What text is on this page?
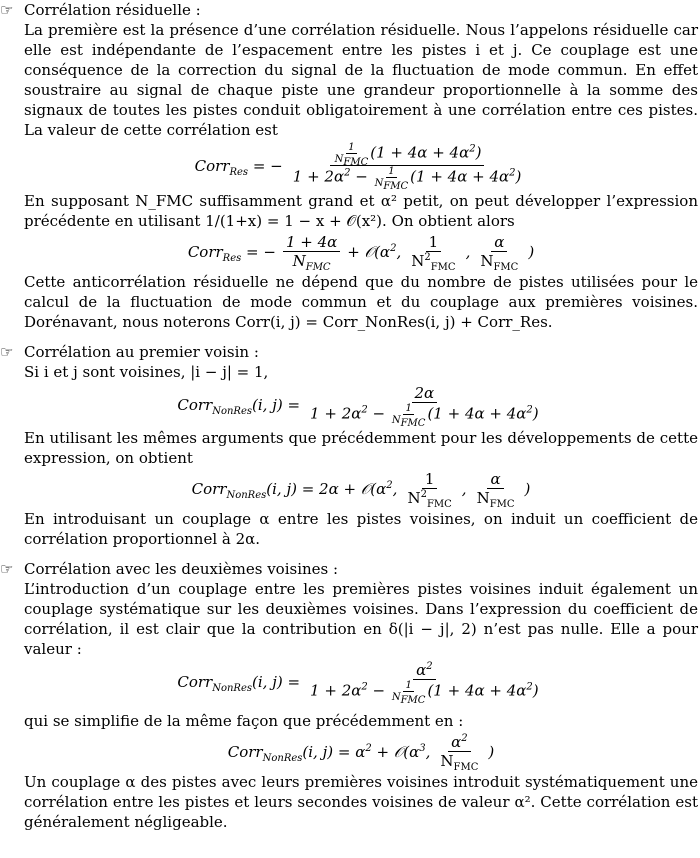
☞ Corrélation résiduelle :

La première est la présence d’une corrélation résiduelle. Nous l’appelons résiduelle car elle est indépendante de l’espacement entre les pistes i et j. Ce couplage est une conséquence de la correction du signal de la fluctuation de mode commun. En effet soustraire au signal de chaque piste une grandeur proportionnelle à la somme des signaux de toutes les pistes conduit obligatoirement à une corrélation entre ces pistes. La valeur de cette corrélation est

Corr$_{Res}$ = − 1
$N_{FMC}$
$(1 + 4\alpha + 4\alpha^2)$
$1 + 2\alpha^2 - 1$
$N_{FMC}$
$(1 + 4\alpha + 4\alpha^2)$

En supposant N_FMC suffisamment grand et α² petit, on peut développer l’expression précédente en utilisant 1/(1+x) = 1 − x + 𝒪(x²). On obtient alors

Corr$_{Res}$ = − $\frac{1 + 4\alpha}{N_{FMC}}$ + $𝒪(\alpha^2$, $\frac{1}{N^2_{FMC}}$ , $\frac{\alpha}{N_{FMC}}$ )

Cette anticorrélation résiduelle ne dépend que du nombre de pistes utilisées pour le calcul de la fluctuation de mode commun et du couplage aux premières voisines. Dorénavant, nous noterons Corr(i, j) = Corr_NonRes(i, j) + Corr_Res.

☞ Corrélation au premier voisin :

Si i et j sont voisines, |i − j| = 1,

Corr$_{NonRes}$(i, j) = 2α
$1 + 2\alpha^2 - 1$
$N_{FMC}$
$(1 + 4\alpha + 4\alpha^2)$

En utilisant les mêmes arguments que précédemment pour les développements de cette expression, on obtient

Corr$_{NonRes}$(i, $j) = 2\alpha + 𝒪(\alpha^2$, $\frac{1}{N^2_{FMC}}$ , $\frac{\alpha}{N_{FMC}}$ )

En introduisant un couplage α entre les pistes voisines, on induit un coefficient de corrélation proportionnel à 2α.

☞ Corrélation avec les deuxièmes voisines :

L’introduction d’un couplage entre les premières pistes voisines induit également un couplage systématique sur les deuxièmes voisines. Dans l’expression du coefficient de corrélation, il est clair que la contribution en δ(|i − j|, 2) n’est pas nulle. Elle a pour valeur :

Corr$_{NonRes}$(i, $j) = \alpha^2$
$1 + 2\alpha^2 - 1$
$N_{FMC}$
$(1 + 4\alpha + 4\alpha^2)$

qui se simplifie de la même façon que précédemment en :

Corr$_{NonRes}$(i, $j) = \alpha^2$ + $𝒪(\alpha^3$, $\frac{\alpha^2}{N_{FMC}}$ )

Un couplage α des pistes avec leurs premières voisines introduit systématiquement une corrélation entre les pistes et leurs secondes voisines de valeur α². Cette corrélation est généralement négligeable.
